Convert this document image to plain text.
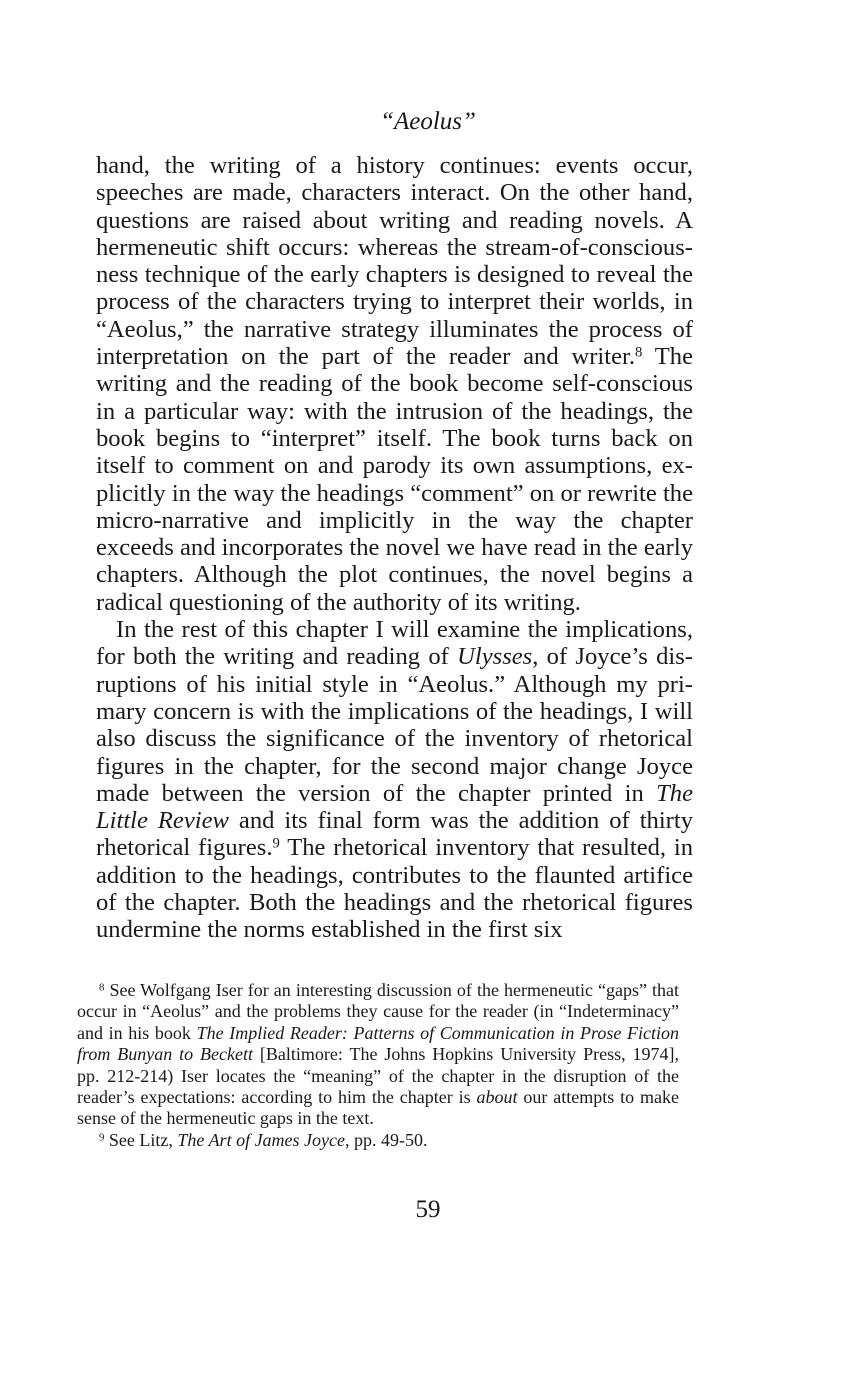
“Aeolus”

hand, the writing of a history continues: events occur, speeches are made, characters interact. On the other hand, questions are raised about writing and reading novels. A hermeneutic shift occurs: whereas the stream-of-consciousness technique of the early chapters is designed to reveal the process of the characters trying to interpret their worlds, in “Aeolus,” the narrative strategy illuminates the process of interpretation on the part of the reader and writer.$^8$ The writing and the reading of the book become self-conscious in a particular way: with the intrusion of the headings, the book begins to “interpret” itself. The book turns back on itself to comment on and parody its own assumptions, explicitly in the way the headings “comment” on or rewrite the micro-narrative and implicitly in the way the chapter exceeds and incorporates the novel we have read in the early chapters. Although the plot continues, the novel begins a radical questioning of the authority of its writing.

In the rest of this chapter I will examine the implications, for both the writing and reading of Ulysses, of Joyce’s disruptions of his initial style in “Aeolus.” Although my primary concern is with the implications of the headings, I will also discuss the significance of the inventory of rhetorical figures in the chapter, for the second major change Joyce made between the version of the chapter printed in The Little Review and its final form was the addition of thirty rhetorical figures.$^9$ The rhetorical inventory that resulted, in addition to the headings, contributes to the flaunted artifice of the chapter. Both the headings and the rhetorical figures undermine the norms established in the first six

$^8$ See Wolfgang Iser for an interesting discussion of the hermeneutic “gaps” that occur in “Aeolus” and the problems they cause for the reader (in “Indeterminacy” and in his book The Implied Reader: Patterns of Communication in Prose Fiction from Bunyan to Beckett [Baltimore: The Johns Hopkins University Press, 1974], pp. 212-214) Iser locates the “meaning” of the chapter in the disruption of the reader’s expectations: according to him the chapter is about our attempts to make sense of the hermeneutic gaps in the text.

$^9$ See Litz, The Art of James Joyce, pp. 49-50.

59
